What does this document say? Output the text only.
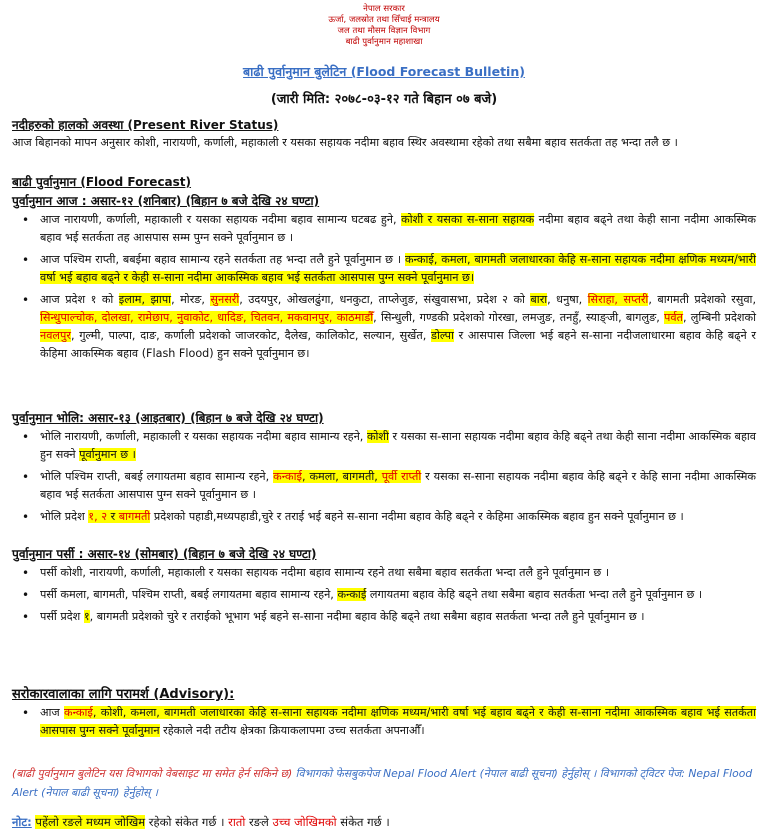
नेपाल सरकार
ऊर्जा, जलस्रोत तथा सिँचाई मन्त्रालय
जल तथा मौसम विज्ञान विभाग
बाढी पुर्वानुमान महाशाखा
बाढी पुर्वानुमान बुलेटिन (Flood Forecast Bulletin)
(जारी मिति: २०७८-०३-१२ गते बिहान ०७ बजे)
नदीहरुको हालको अवस्था (Present River Status)
आज बिहानको मापन अनुसार कोशी, नारायणी, कर्णाली, महाकाली र यसका सहायक नदीमा बहाव स्थिर अवस्थामा रहेको तथा सबैमा बहाव सतर्कता तह भन्दा तलै छ ।
बाढी पुर्वानुमान (Flood Forecast)
पुर्वानुमान आज : असार-१२ (शनिबार) (बिहान ७ बजे देखि २४ घण्टा)
• आज नारायणी, कर्णाली, महाकाली र यसका सहायक नदीमा बहाव सामान्य घटबढ हुने, कोशी र यसका स-साना सहायक नदीमा बहाव बढ्ने तथा केही साना नदीमा आकस्मिक बहाव भई सतर्कता तह आसपास सम्म पुग्न सक्ने पूर्वानुमान छ ।
• आज पश्चिम राप्ती, बबईमा बहाव सामान्य रहने सतर्कता तह भन्दा तलै हुने पूर्वानुमान छ । कन्काई, कमला, बागमती जलाधारका केहि स-साना सहायक नदीमा क्षणिक मध्यम/भारी वर्षा भई बहाव बढ्ने र केही स-साना नदीमा आकस्मिक बहाव भई सतर्कता आसपास पुग्न सक्ने पूर्वानुमान छ।
• आज प्रदेश १ को इलाम, झापा, मोरङ, सुनसरी, उदयपुर, ओखलढुंगा, धनकुटा, ताप्लेजुङ, संखुवासभा, प्रदेश २ को बारा, धनुषा, सिराहा, सप्तरी, बागमती प्रदेशको रसुवा, सिन्धुपाल्चोक, दोलखा, रामेछाप, नुवाकोट, धादिङ, चितवन, मकवानपुर, काठमाडौँ, सिन्धुली, गण्डकी प्रदेशको गोरखा, लमजुङ, तनहुँ, स्याङ्जी, बागलुङ, पर्वत, लुम्बिनी प्रदेशको नवलपुर, गुल्मी, पाल्पा, दाङ, कर्णाली प्रदेशको जाजरकोट, दैलेख, कालिकोट, सल्यान, सुर्खेत, डोल्पा र आसपास जिल्ला भई बहने स-साना नदीजलाधारमा बहाव केहि बढ्ने र केहिमा आकस्मिक बहाव (Flash Flood) हुन सक्ने पूर्वानुमान छ।
पुर्वानुमान भोलि: असार-१३ (आइतबार) (बिहान ७ बजे देखि २४ घण्टा)
• भोलि नारायणी, कर्णाली, महाकाली र यसका सहायक नदीमा बहाव सामान्य रहने, कोशी र यसका स-साना सहायक नदीमा बहाव केहि बढ्ने तथा केही साना नदीमा आकस्मिक बहाव हुन सक्ने पूर्वानुमान छ ।
• भोलि पश्चिम राप्ती, बबई लगायतमा बहाव सामान्य रहने, कन्काई, कमला, बागमती, पूर्वी राप्ती र यसका स-साना सहायक नदीमा बहाव केहि बढ्ने र केहि साना नदीमा आकस्मिक बहाव भई सतर्कता आसपास पुग्न सक्ने पूर्वानुमान छ ।
• भोलि प्रदेश १, २ र बागमती प्रदेशको पहाडी,मध्यपहाडी,चुरे र तराई भई बहने स-साना नदीमा बहाव केहि बढ्ने र केहिमा आकस्मिक बहाव हुन सक्ने पूर्वानुमान छ ।
पुर्वानुमान पर्सी : असार-१४ (सोमबार) (बिहान ७ बजे देखि २४ घण्टा)
• पर्सी कोशी, नारायणी, कर्णाली, महाकाली र यसका सहायक नदीमा बहाव सामान्य रहने तथा सबैमा बहाव सतर्कता भन्दा तलै हुने पूर्वानुमान छ ।
• पर्सी कमला, बागमती, पश्चिम राप्ती, बबई लगायतमा बहाव सामान्य रहने, कन्काई लगायतमा बहाव केहि बढ्ने तथा सबैमा बहाव सतर्कता भन्दा तलै हुने पूर्वानुमान छ ।
• पर्सी प्रदेश १, बागमती प्रदेशको चुरे र तराईको भूभाग भई बहने स-साना नदीमा बहाव केहि बढ्ने तथा सबैमा बहाव सतर्कता भन्दा तलै हुने पूर्वानुमान छ ।
सरोकारवालाका लागि परामर्श (Advisory):
• आज कन्काई, कोशी, कमला, बागमती जलाधारका केहि स-साना सहायक नदीमा क्षणिक मध्यम/भारी वर्षा भई बहाव बढ्ने र केही स-साना नदीमा आकस्मिक बहाव भई सतर्कता आसपास पुग्न सक्ने पूर्वानुमान रहेकाले नदी तटीय क्षेत्रका क्रियाकलापमा उच्च सतर्कता अपनाऔँ।
(बाढी पुर्वानुमान बुलेटिन यस विभागको वेबसाइट मा समेत हेर्न सकिने छ) विभागको फेसबुकपेज Nepal Flood Alert (नेपाल बाढी सूचना) हेर्नुहोस् । विभागको ट्विटर पेज: Nepal Flood Alert (नेपाल बाढी सूचना) हेर्नुहोस् ।
नोट: पहेंलो रङले मध्यम जोखिम रहेको संकेत गर्छ । रातो रङले उच्च जोखिमको संकेत गर्छ ।
